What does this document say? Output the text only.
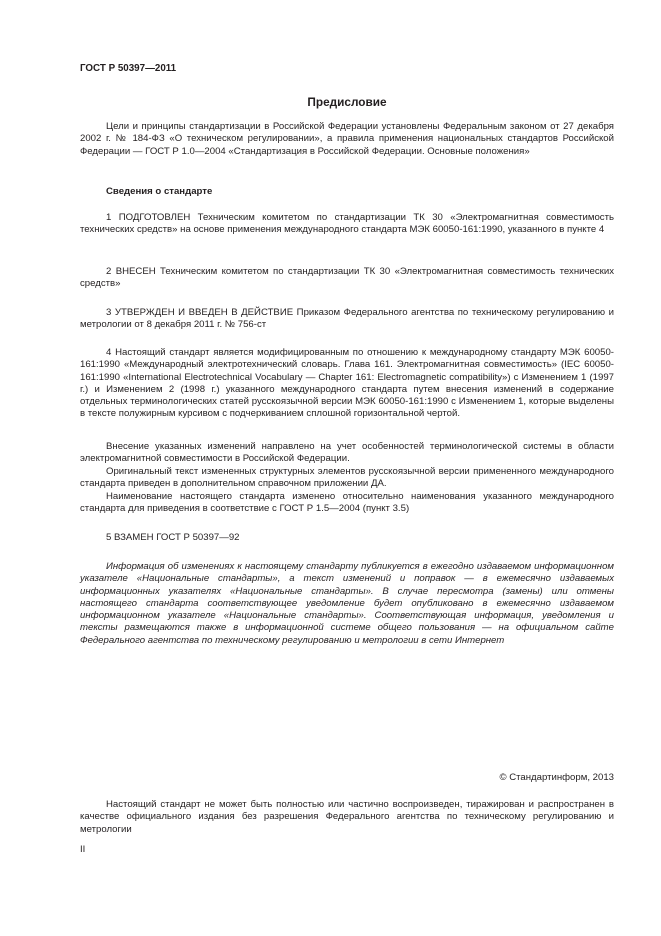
ГОСТ Р 50397—2011

Предисловие

Цели и принципы стандартизации в Российской Федерации установлены Федеральным законом от 27 декабря 2002 г. № 184-ФЗ «О техническом регулировании», а правила применения национальных стандартов Российской Федерации — ГОСТ Р 1.0—2004 «Стандартизация в Российской Федерации. Основные положения»

Сведения о стандарте

1 ПОДГОТОВЛЕН Техническим комитетом по стандартизации ТК 30 «Электромагнитная совместимость технических средств» на основе применения международного стандарта МЭК 60050-161:1990, указанного в пункте 4

2 ВНЕСЕН Техническим комитетом по стандартизации ТК 30 «Электромагнитная совместимость технических средств»

3 УТВЕРЖДЕН И ВВЕДЕН В ДЕЙСТВИЕ Приказом Федерального агентства по техническому регулированию и метрологии от 8 декабря 2011 г. № 756-ст

4 Настоящий стандарт является модифицированным по отношению к международному стандарту МЭК 60050-161:1990 «Международный электротехнический словарь. Глава 161. Электромагнитная совместимость» (IEC 60050-161:1990 «International Electrotechnical Vocabulary — Chapter 161: Electromagnetic compatibility») с Изменением 1 (1997 г.) и Изменением 2 (1998 г.) указанного международного стандарта путем внесения изменений в содержание отдельных терминологических статей русскоязычной версии МЭК 60050-161:1990 с Изменением 1, которые выделены в тексте полужирным курсивом с подчеркиванием сплошной горизонтальной чертой.

Внесение указанных изменений направлено на учет особенностей терминологической системы в области электромагнитной совместимости в Российской Федерации.

Оригинальный текст измененных структурных элементов русскоязычной версии примененного международного стандарта приведен в дополнительном справочном приложении ДА.

Наименование настоящего стандарта изменено относительно наименования указанного международного стандарта для приведения в соответствие с ГОСТ Р 1.5—2004 (пункт 3.5)

5 ВЗАМЕН ГОСТ Р 50397—92

Информация об изменениях к настоящему стандарту публикуется в ежегодно издаваемом информационном указателе «Национальные стандарты», а текст изменений и поправок — в ежемесячно издаваемых информационных указателях «Национальные стандарты». В случае пересмотра (замены) или отмены настоящего стандарта соответствующее уведомление будет опубликовано в ежемесячно издаваемом информационном указателе «Национальные стандарты». Соответствующая информация, уведомления и тексты размещаются также в информационной системе общего пользования — на официальном сайте Федерального агентства по техническому регулированию и метрологии в сети Интернет

© Стандартинформ, 2013

Настоящий стандарт не может быть полностью или частично воспроизведен, тиражирован и распространен в качестве официального издания без разрешения Федерального агентства по техническому регулированию и метрологии

II
